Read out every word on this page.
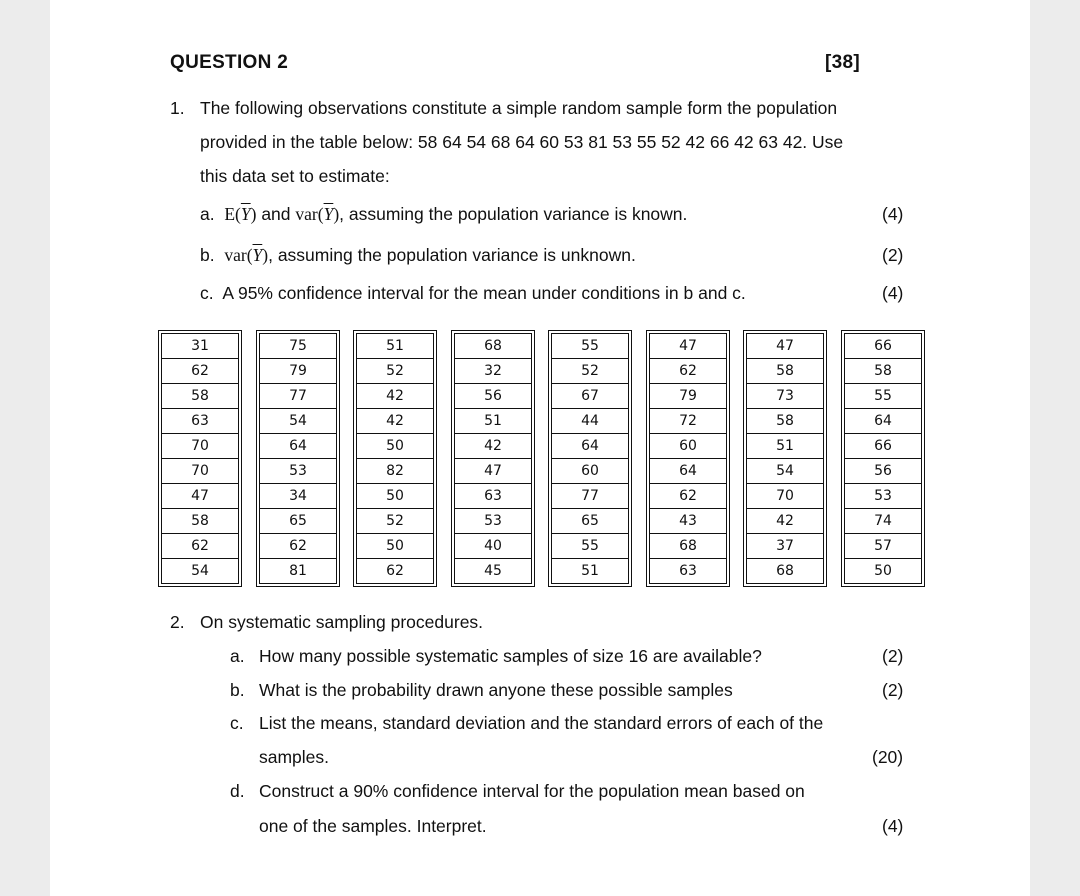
QUESTION 2	[38]
1. The following observations constitute a simple random sample form the population
provided in the table below: 58 64 54 68 64 60 53 81 53 55 52 42 66 42 63 42. Use
this data set to estimate:
a. $E(\overline{Y})$ and $var(\overline{Y})$, assuming the population variance is known.	(4)
b. $var(\overline{Y})$, assuming the population variance is unknown.	(2)
c. A 95% confidence interval for the mean under conditions in b and c.	(4)
31
62
58
63
70
70
47
58
62
54
75
79
77
54
64
53
34
65
62
81
51
52
42
42
50
82
50
52
50
62
68
32
56
51
42
47
63
53
40
45
55
52
67
44
64
60
77
65
55
51
47
62
79
72
60
64
62
43
68
63
47
58
73
58
51
54
70
42
37
68
66
58
55
64
66
56
53
74
57
50
2. On systematic sampling procedures.
a. How many possible systematic samples of size 16 are available?	(2)
b. What is the probability drawn anyone these possible samples	(2)
c. List the means, standard deviation and the standard errors of each of the
samples.	(20)
d. Construct a 90% confidence interval for the population mean based on
one of the samples. Interpret.	(4)
